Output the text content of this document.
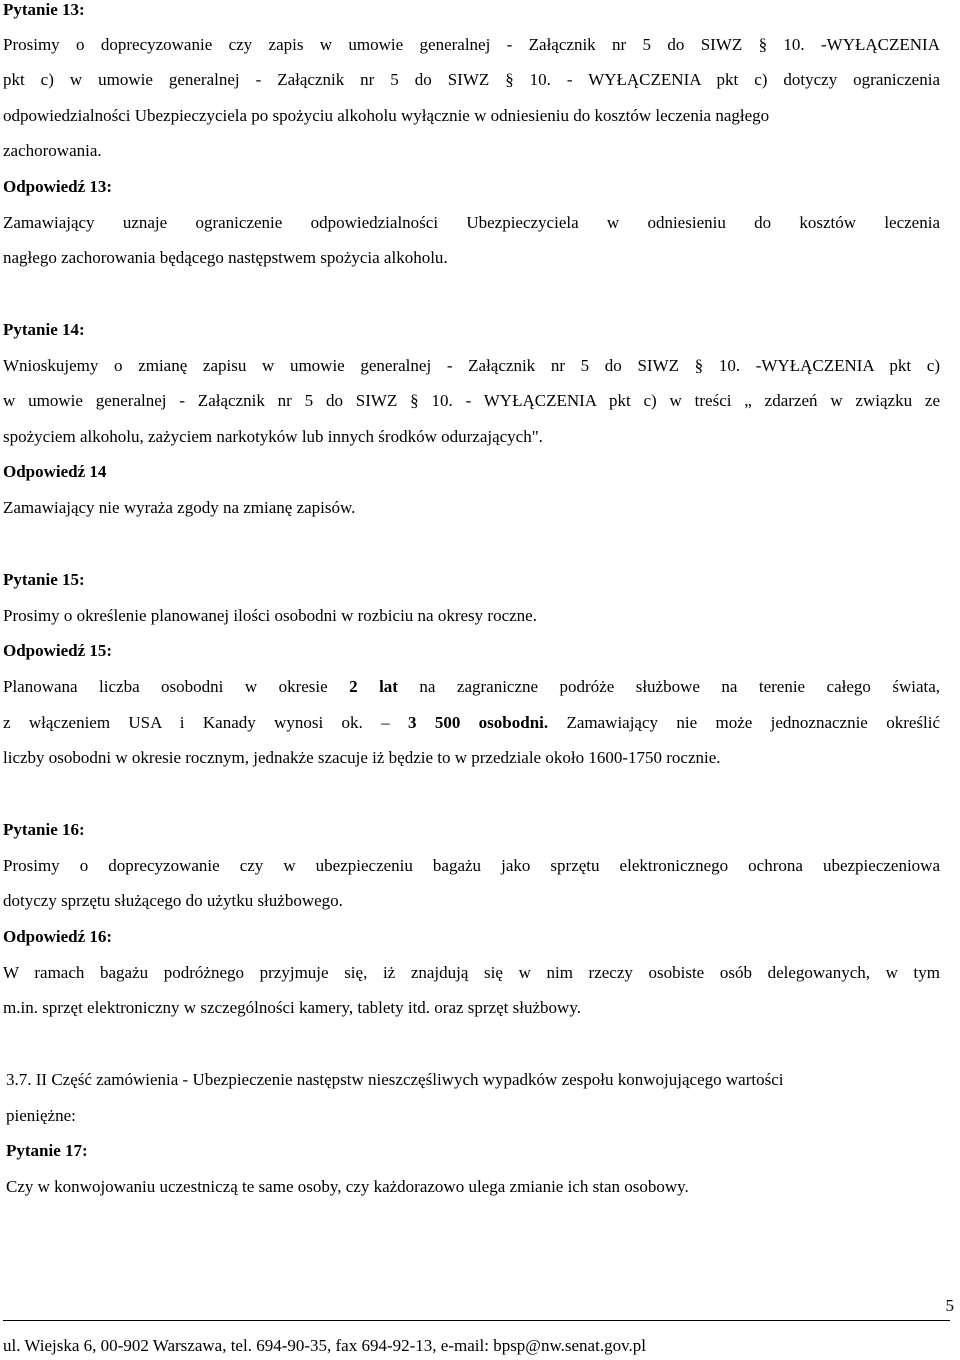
Pytanie 13:
Prosimy o doprecyzowanie czy zapis w umowie generalnej - Załącznik nr 5 do SIWZ § 10. -WYŁĄCZENIA
pkt c) w umowie generalnej - Załącznik nr 5 do SIWZ § 10. - WYŁĄCZENIA pkt c) dotyczy ograniczenia
odpowiedzialności Ubezpieczyciela po spożyciu alkoholu wyłącznie w odniesieniu do kosztów leczenia nagłego
zachorowania.
Odpowiedź 13:
Zamawiający uznaje ograniczenie odpowiedzialności Ubezpieczyciela w odniesieniu do kosztów leczenia
nagłego zachorowania będącego następstwem spożycia alkoholu.
Pytanie 14:
Wnioskujemy o zmianę zapisu w umowie generalnej - Załącznik nr 5 do SIWZ § 10. -WYŁĄCZENIA pkt c)
w umowie generalnej - Załącznik nr 5 do SIWZ § 10. - WYŁĄCZENIA pkt c) w treści „ zdarzeń w związku ze
spożyciem alkoholu, zażyciem narkotyków lub innych środków odurzających".
Odpowiedź 14
Zamawiający nie wyraża zgody na zmianę zapisów.
Pytanie 15:
Prosimy o określenie planowanej ilości osobodni w rozbiciu na okresy roczne.
Odpowiedź 15:
Planowana liczba osobodni w okresie 2 lat na zagraniczne podróże służbowe na terenie całego świata,
z włączeniem USA i Kanady wynosi ok. – 3 500 osobodni. Zamawiający nie może jednoznacznie określić
liczby osobodni w okresie rocznym, jednakże szacuje iż będzie to w przedziale około 1600-1750 rocznie.
Pytanie 16:
Prosimy o doprecyzowanie czy w ubezpieczeniu bagażu jako sprzętu elektronicznego ochrona ubezpieczeniowa
dotyczy sprzętu służącego do użytku służbowego.
Odpowiedź 16:
W ramach bagażu podróżnego przyjmuje się, iż znajdują się w nim rzeczy osobiste osób delegowanych, w tym
m.in. sprzęt elektroniczny w szczególności kamery, tablety itd. oraz sprzęt służbowy.
3.7. II Część zamówienia - Ubezpieczenie następstw nieszczęśliwych wypadków zespołu konwojującego wartości
pieniężne:
Pytanie 17:
Czy w konwojowaniu uczestniczą te same osoby, czy każdorazowo ulega zmianie ich stan osobowy.
5
ul. Wiejska 6, 00-902 Warszawa, tel. 694-90-35, fax 694-92-13, e-mail: bpsp@nw.senat.gov.pl
